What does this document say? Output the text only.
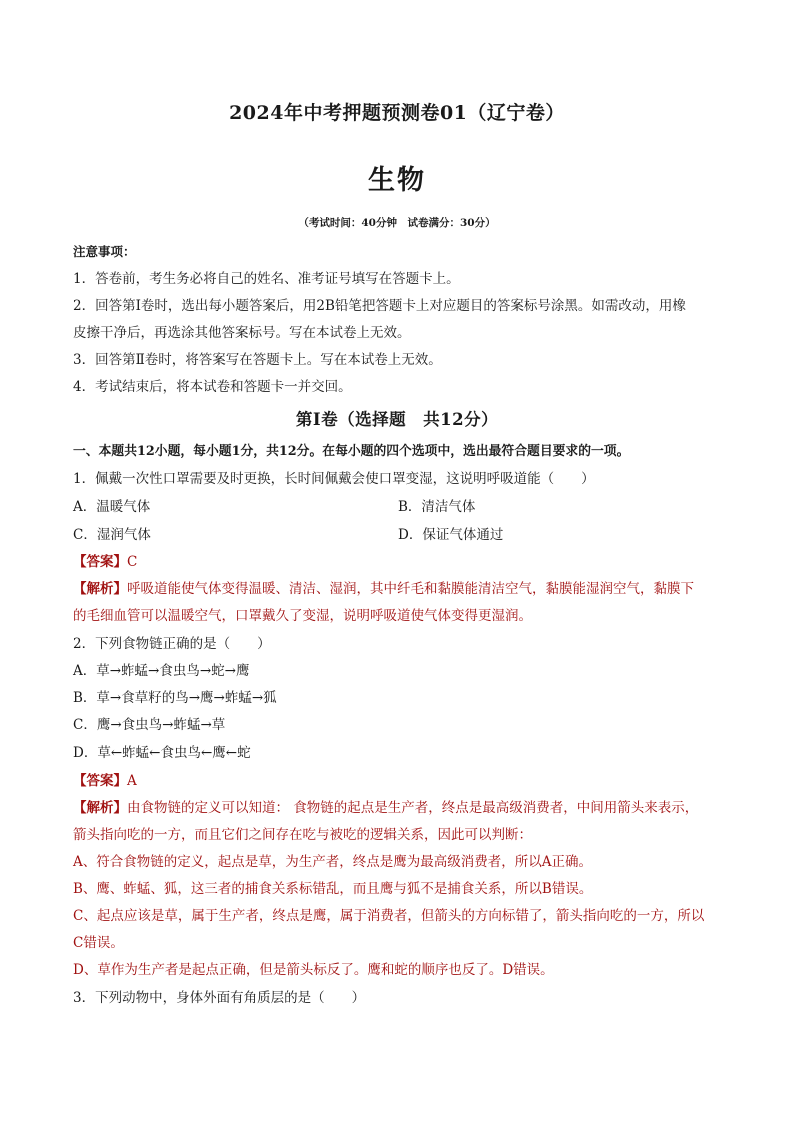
2024年中考押题预测卷01（辽宁卷）
生物
（考试时间：40分钟　试卷满分：30分）
注意事项：
1．答卷前，考生务必将自己的姓名、准考证号填写在答题卡上。
2．回答第Ⅰ卷时，选出每小题答案后，用2B铅笔把答题卡上对应题目的答案标号涂黑。如需改动，用橡
皮擦干净后，再选涂其他答案标号。写在本试卷上无效。
3．回答第Ⅱ卷时，将答案写在答题卡上。写在本试卷上无效。
4．考试结束后，将本试卷和答题卡一并交回。
第Ⅰ卷（选择题　共12分）
一、本题共12小题，每小题1分，共12分。在每小题的四个选项中，选出最符合题目要求的一项。
1．佩戴一次性口罩需要及时更换，长时间佩戴会使口罩变湿，这说明呼吸道能（　　）
A．温暖气体	B．清洁气体
C．湿润气体	D．保证气体通过
【答案】C
【解析】呼吸道能使气体变得温暖、清洁、湿润，其中纤毛和黏膜能清洁空气，黏膜能湿润空气，黏膜下
的毛细血管可以温暖空气，口罩戴久了变湿，说明呼吸道使气体变得更湿润。
2．下列食物链正确的是（　　）
A．草→蚱蜢→食虫鸟→蛇→鹰
B．草→食草籽的鸟→鹰→蚱蜢→狐
C．鹰→食虫鸟→蚱蜢→草
D．草←蚱蜢←食虫鸟←鹰←蛇
【答案】A
【解析】由食物链的定义可以知道： 食物链的起点是生产者，终点是最高级消费者，中间用箭头来表示，
箭头指向吃的一方，而且它们之间存在吃与被吃的逻辑关系，因此可以判断：
A、符合食物链的定义，起点是草，为生产者，终点是鹰为最高级消费者，所以A正确。
B、鹰、蚱蜢、狐，这三者的捕食关系标错乱，而且鹰与狐不是捕食关系，所以B错误。
C、起点应该是草，属于生产者，终点是鹰，属于消费者，但箭头的方向标错了，箭头指向吃的一方，所以
C错误。
D、草作为生产者是起点正确，但是箭头标反了。鹰和蛇的顺序也反了。D错误。
3．下列动物中，身体外面有角质层的是（　　）
